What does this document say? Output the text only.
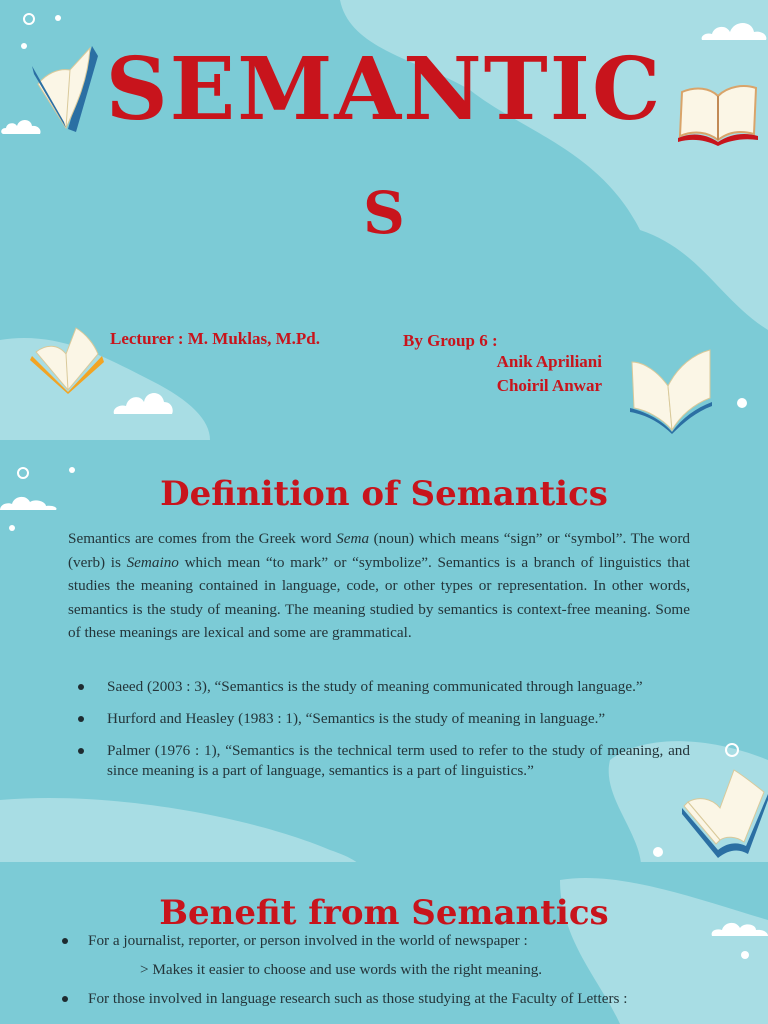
SEMANTIC
S
Lecturer : M. Muklas, M.Pd.	By Group 6 :
Anik Apriliani
Choiril Anwar
Definition of Semantics

Semantics are comes from the Greek word Sema (noun) which means “sign” or “symbol”. The word (verb) is Semaino which mean “to mark” or “symbolize”. Semantics is a branch of linguistics that studies the meaning contained in language, code, or other types or representation. In other words, semantics is the study of meaning. The meaning studied by semantics is context-free meaning. Some of these meanings are lexical and some are grammatical.

Saeed (2003 : 3), “Semantics is the study of meaning communicated through language.”
Hurford and Heasley (1983 : 1), “Semantics is the study of meaning in language.”
Palmer (1976 : 1), “Semantics is the technical term used to refer to the study of meaning, and since meaning is a part of language, semantics is a part of linguistics.”
Benefit from Semantics
For a journalist, reporter, or person involved in the world of newspaper :
> Makes it easier to choose and use words with the right meaning.
For those involved in language research such as those studying at the Faculty of Letters :
